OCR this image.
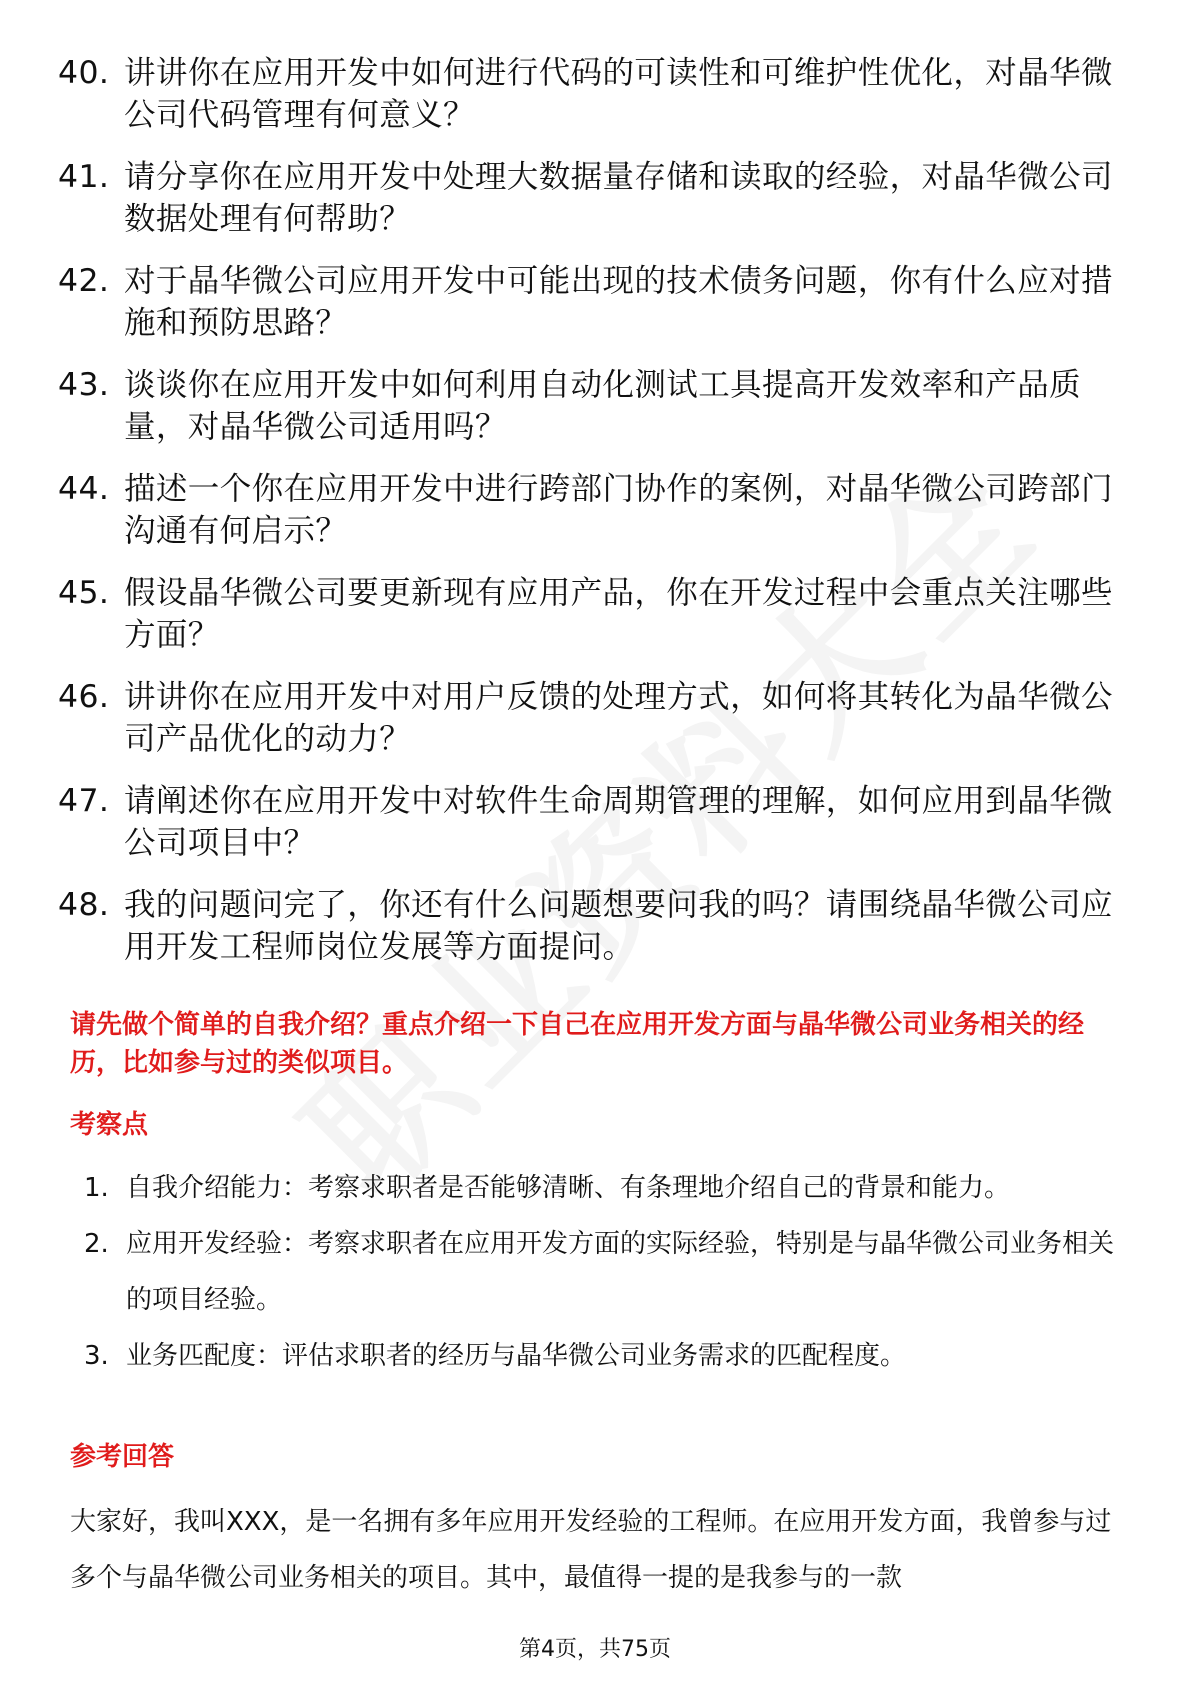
40. 讲讲你在应用开发中如何进行代码的可读性和可维护性优化，对晶华微公司代码管理有何意义？
41. 请分享你在应用开发中处理大数据量存储和读取的经验，对晶华微公司数据处理有何帮助？
42. 对于晶华微公司应用开发中可能出现的技术债务问题，你有什么应对措施和预防思路？
43. 谈谈你在应用开发中如何利用自动化测试工具提高开发效率和产品质量，对晶华微公司适用吗？
44. 描述一个你在应用开发中进行跨部门协作的案例，对晶华微公司跨部门沟通有何启示？
45. 假设晶华微公司要更新现有应用产品，你在开发过程中会重点关注哪些方面？
46. 讲讲你在应用开发中对用户反馈的处理方式，如何将其转化为晶华微公司产品优化的动力？
47. 请阐述你在应用开发中对软件生命周期管理的理解，如何应用到晶华微公司项目中？
48. 我的问题问完了，你还有什么问题想要问我的吗？请围绕晶华微公司应用开发工程师岗位发展等方面提问。
请先做个简单的自我介绍？重点介绍一下自己在应用开发方面与晶华微公司业务相关的经历，比如参与过的类似项目。
考察点
1. 自我介绍能力：考察求职者是否能够清晰、有条理地介绍自己的背景和能力。
2. 应用开发经验：考察求职者在应用开发方面的实际经验，特别是与晶华微公司业务相关的项目经验。
3. 业务匹配度：评估求职者的经历与晶华微公司业务需求的匹配程度。
参考回答
大家好，我叫XXX，是一名拥有多年应用开发经验的工程师。在应用开发方面，我曾参与过多个与晶华微公司业务相关的项目。其中，最值得一提的是我参与的一款
第4页，共75页
